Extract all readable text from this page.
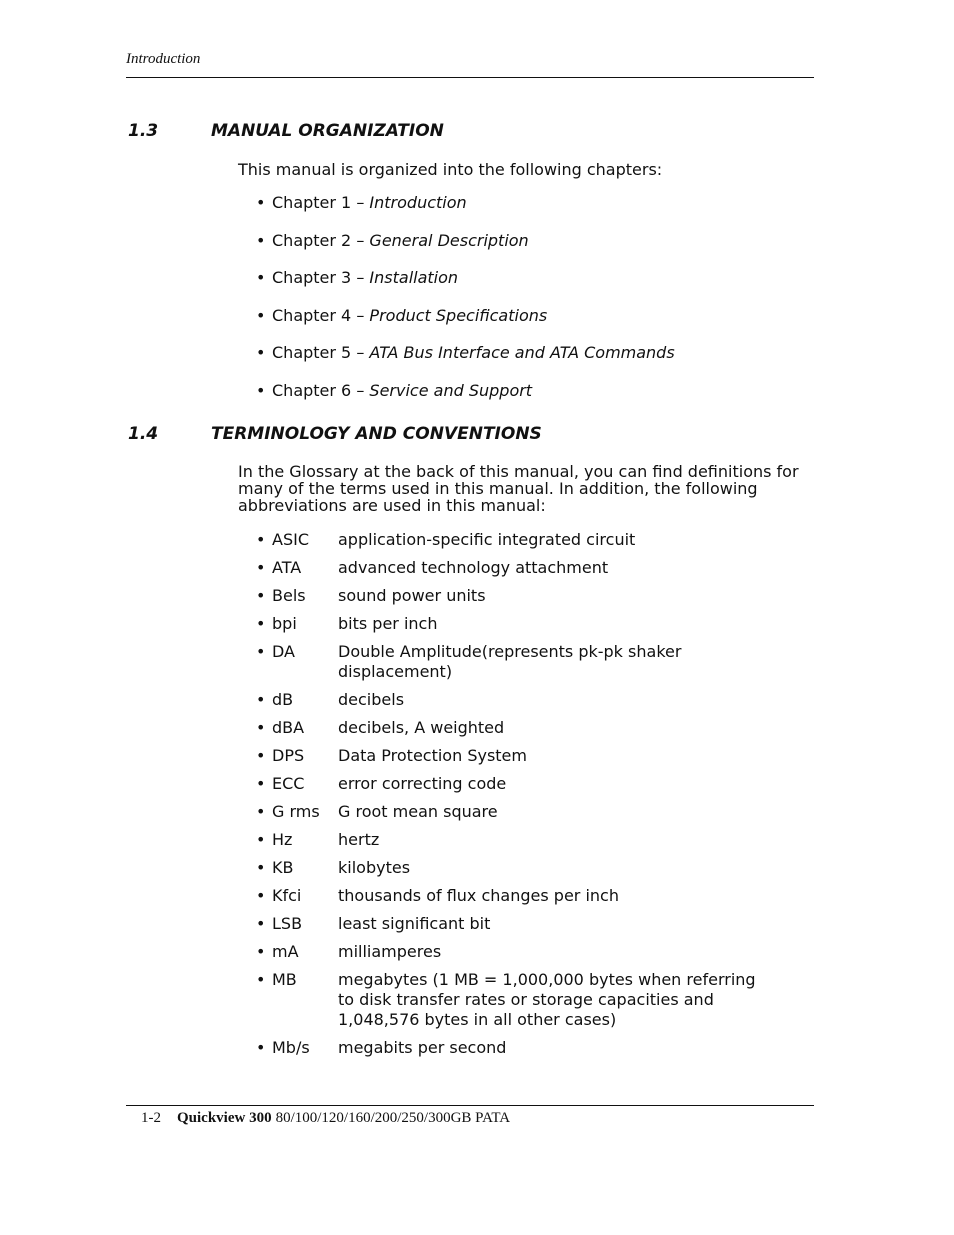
Introduction
1.3	MANUAL ORGANIZATION
This manual is organized into the following chapters:
• Chapter 1 – Introduction
• Chapter 2 – General Description
• Chapter 3 – Installation
• Chapter 4 – Product Specifications
• Chapter 5 – ATA Bus Interface and ATA Commands
• Chapter 6 – Service and Support
1.4	TERMINOLOGY AND CONVENTIONS
In the Glossary at the back of this manual, you can find definitions for many of the terms used in this manual. In addition, the following abbreviations are used in this manual:
• ASIC	application-specific integrated circuit
• ATA	advanced technology attachment
• Bels	sound power units
• bpi	bits per inch
• DA	Double Amplitude(represents pk-pk shaker displacement)
• dB	decibels
• dBA	decibels, A weighted
• DPS	Data Protection System
• ECC	error correcting code
• G rms	G root mean square
• Hz	hertz
• KB	kilobytes
• Kfci	thousands of flux changes per inch
• LSB	least significant bit
• mA	milliamperes
• MB	megabytes (1 MB = 1,000,000 bytes when referring to disk transfer rates or storage capacities and 1,048,576 bytes in all other cases)
• Mb/s	megabits per second
1-2 Quickview 300 80/100/120/160/200/250/300GB PATA
